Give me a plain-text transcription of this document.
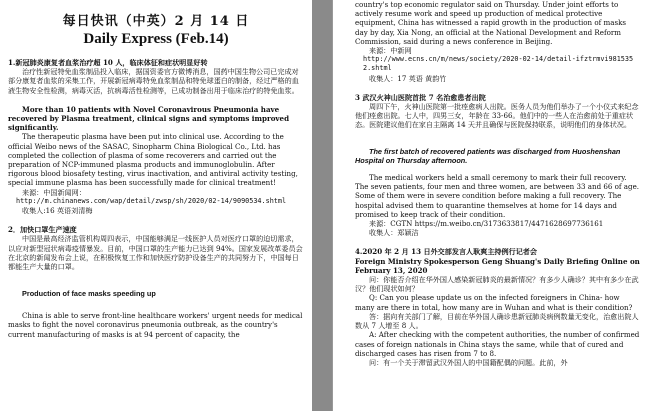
每日快讯（中英）2 月 14 日
Daily Express (Feb.14)

1.新冠肺炎康复者血浆治疗超 10 人，临床体征和症状明显好转

治疗性新冠特免血浆制品投入临床，据国资委官方微博消息，国药中国生物公司已完成对部分康复者血浆的采集工作，开展新冠病毒特免血浆制品和特免球蛋白的制备，经过严格的血液生物安全性检测，病毒灭活，抗病毒活性检测等，已成功制备出用于临床治疗的特免血浆。

More than 10 patients with Novel Coronavirous Pneumonia have recovered by Plasma treatment, clinical signs and symptoms improved significantly.

The therapeutic plasma have been put into clinical use. According to the official Weibo news of the SASAC, Sinopharm China Biological Co., Ltd. has completed the collection of plasma of some recoverers and carried out the preparation of NCP-immuned plasma products and immunoglobulin. After rigorous blood biosafety testing, virus inactivation, and antiviral activity testing, special immune plasma has been successfully made for clinical treatment!

来源：中国新闻网：

http://m.chinanews.com/wap/detail/zwsp/sh/2020/02-14/9090534.shtml

收集人:16 英语刘清梅

2．加快口罩生产速度

中国是最高经济监管机构周四表示，中国能够满足一线医护人员对医疗口罩的迫切需求，以应对新型冠状病毒疫情暴发。目前，中国口罩的生产能力已达到 94%。国家发展改革委员会在北京的新闻发布会上说，在积极恢复工作和加快医疗防护设备生产的共同努力下，中国每日都能生产大量的口罩。

Production of face masks speeding up

China is able to serve front-line healthcare workers' urgent needs for medical masks to fight the novel coronavirus pneumonia outbreak, as the country's current manufacturing of masks is at 94 percent of capacity, the

country's top economic regulator said on Thursday. Under joint efforts to actively resume work and speed up production of medical protective equipment, China has witnessed a rapid growth in the production of masks day by day, Xia Nong, an official at the National Development and Reform Commission, said during a news conference in Beijing.

来源：中新网

http://www.ecns.cn/m/news/society/2020-02-14/detail-ifztrmvi9815352.shtml

收集人：17 英语 黄韵竹

3 武汉火神山医院首批 7 名治愈患者出院

周四下午，火神山医院第一批痊愈病人出院。医务人员为他们举办了一个小仪式来纪念他们痊愈出院。七人中，四男三女，年龄在 33-66。他们中的一些人在治愈前处于重症状态。医院建议他们在家自主隔离 14 天并且确保与医院保持联系，说明他们的身体状况。

The first batch of recovered patients was discharged from Huoshenshan Hospital on Thursday afternoon.

The medical workers held a small ceremony to mark their full recovery. The seven patients, four men and three women, are between 33 and 66 of age. Some of them were in severe condition before making a full recovery. The hospital advised them to quarantine themselves at home for 14 days and promised to keep track of their condition.

来源：CGTN https://m.weibo.cn/3173633817/4471628697736161

收集人：郑颖洁

4.2020 年 2 月 13 日外交部发言人耿爽主持例行记者会

Foreign Ministry Spokesperson Geng Shuang's Daily Briefing Online on February 13, 2020

问：你能否介绍在华外国人感染新冠肺炎的最新情况？有多少人确诊？其中有多少在武汉？他们现状如何？

Q: Can you please update us on the infected foreigners in China- how many are there in total, how many are in Wuhan and what is their condition?

答：据向有关部门了解，目前在华外国人确诊患新冠肺炎病例数量无变化，治愈出院人数从 7 人增至 8 人。

A: After checking with the competent authorities, the number of confirmed cases of foreign nationals in China stays the same, while that of cured and discharged cases has risen from 7 to 8.

问：有一个关于滞留武汉外国人的中国籍配偶的问题。此前，外
